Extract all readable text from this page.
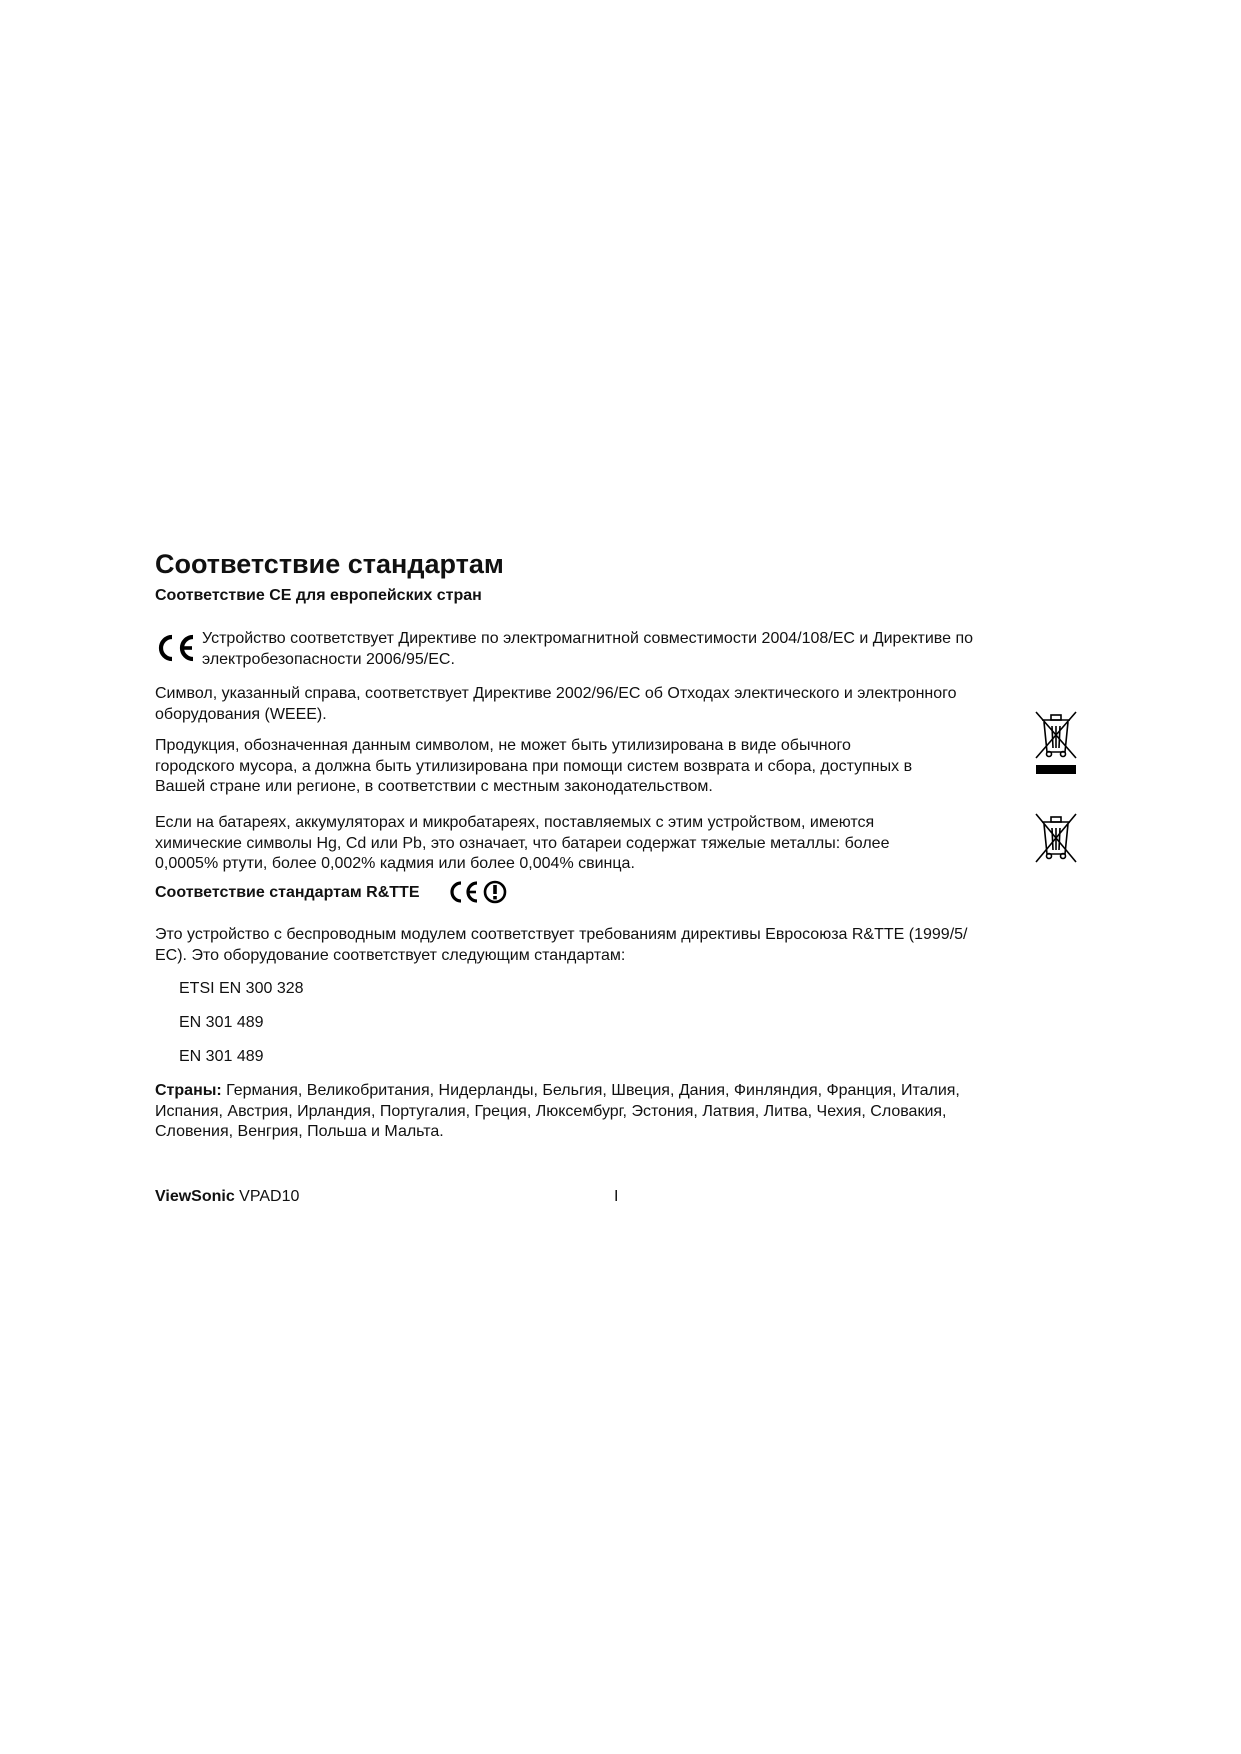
Соответствие стандартам
Соответствие CE для европейских стран
Устройство соответствует Директиве по электромагнитной совместимости 2004/108/EC и Директиве по
электробезопасности 2006/95/EC.
Символ, указанный справа, соответствует Директиве 2002/96/EC об Отходах электического и электронного
оборудования (WEEE).
Продукция, обозначенная данным символом, не может быть утилизирована в виде обычного
городского мусора, а должна быть утилизирована при помощи систем возврата и сбора, доступных в
Вашей стране или регионе, в соответствии с местным законодательством.
Если на батареях, аккумуляторах и микробатареях, поставляемых с этим устройством, имеются
химические символы Hg, Cd или Pb, это означает, что батареи содержат тяжелые металлы: более
0,0005% ртути, более 0,002% кадмия или более 0,004% свинца.
Соответствие стандартам R&TTE
Это устройство с беспроводным модулем соответствует требованиям директивы Евросоюза R&TTE (1999/5/
EC). Это оборудование соответствует следующим стандартам:
ETSI EN 300 328
EN 301 489
EN 301 489
Страны: Германия, Великобритания, Нидерланды, Бельгия, Швеция, Дания, Финляндия, Франция, Италия,
Испания, Австрия, Ирландия, Португалия, Греция, Люксембург, Эстония, Латвия, Литва, Чехия, Словакия,
Словения, Венгрия, Польша и Мальта.
ViewSonic VPAD10	I
